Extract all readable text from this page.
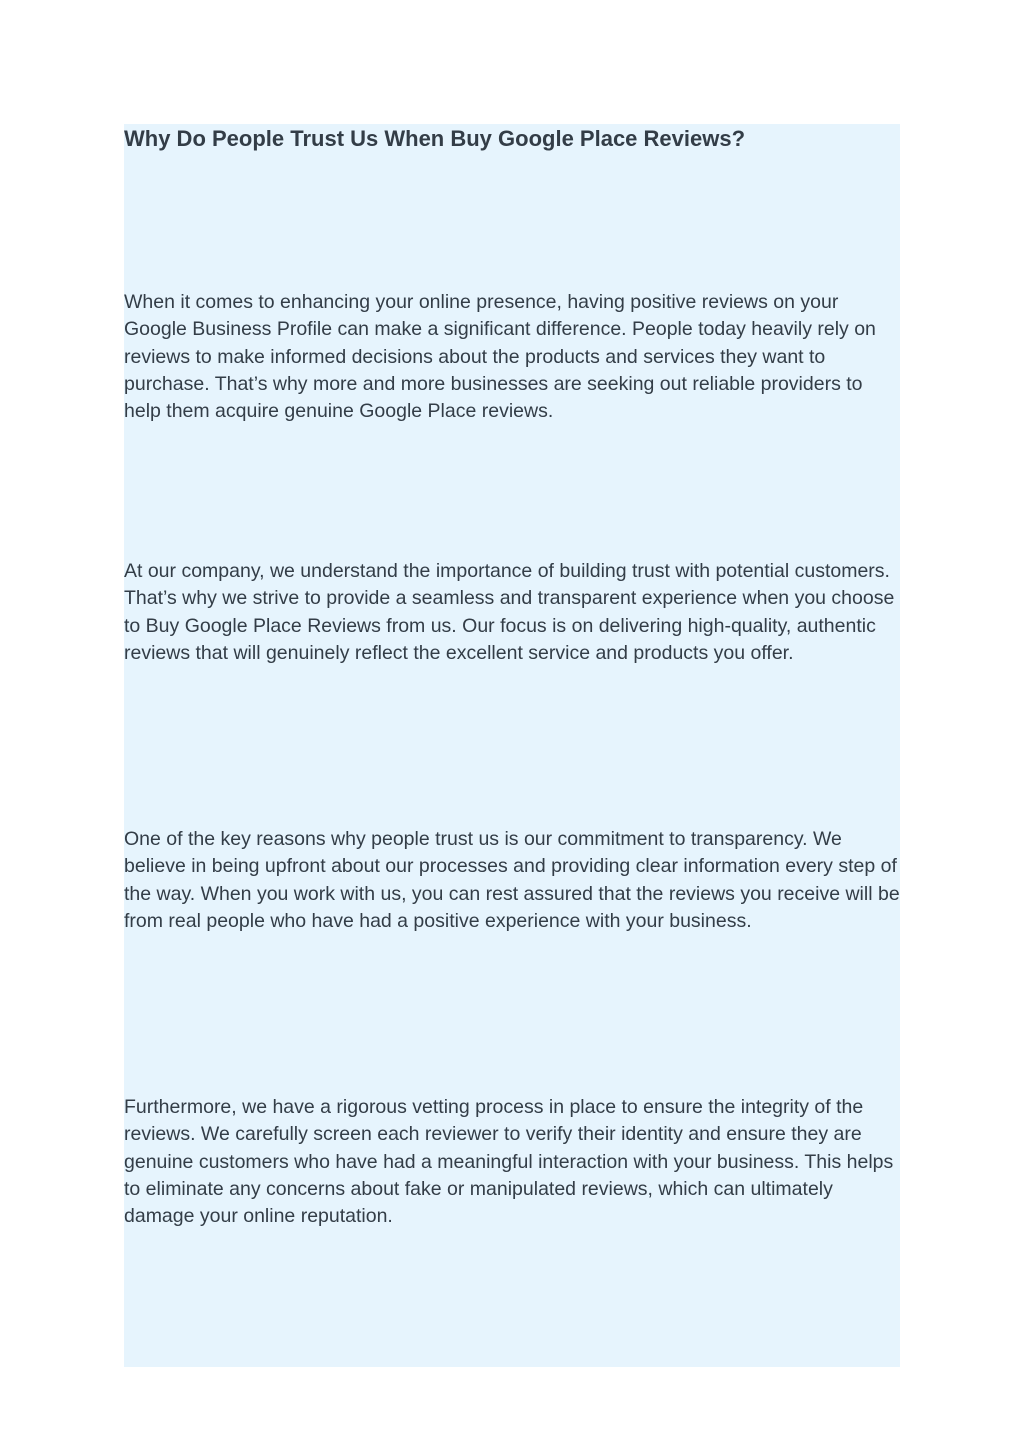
Why Do People Trust Us When Buy Google Place Reviews?

When it comes to enhancing your online presence, having positive reviews on your Google Business Profile can make a significant difference. People today heavily rely on reviews to make informed decisions about the products and services they want to purchase. That’s why more and more businesses are seeking out reliable providers to help them acquire genuine Google Place reviews.

At our company, we understand the importance of building trust with potential customers. That’s why we strive to provide a seamless and transparent experience when you choose to Buy Google Place Reviews from us. Our focus is on delivering high-quality, authentic reviews that will genuinely reflect the excellent service and products you offer.

One of the key reasons why people trust us is our commitment to transparency. We believe in being upfront about our processes and providing clear information every step of the way. When you work with us, you can rest assured that the reviews you receive will be from real people who have had a positive experience with your business.

Furthermore, we have a rigorous vetting process in place to ensure the integrity of the reviews. We carefully screen each reviewer to verify their identity and ensure they are genuine customers who have had a meaningful interaction with your business. This helps to eliminate any concerns about fake or manipulated reviews, which can ultimately damage your online reputation.
